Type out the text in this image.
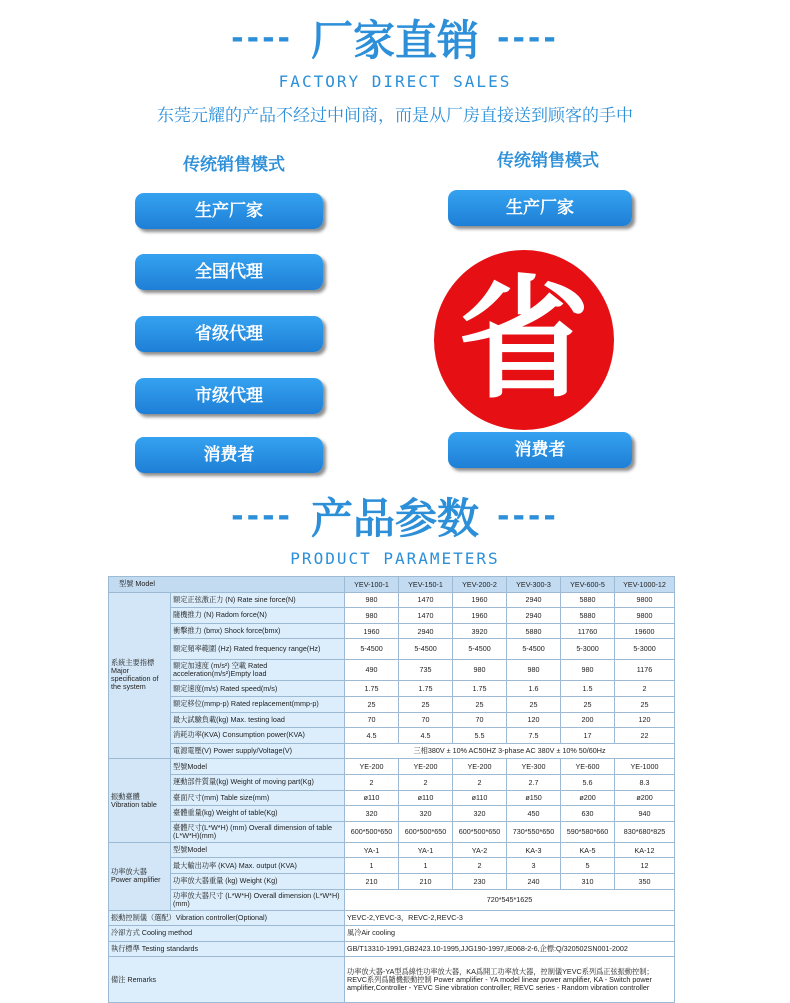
---- 厂家直销 ----
FACTORY DIRECT SALES
东莞元耀的产品不经过中间商，而是从厂房直接送到顾客的手中
传统销售模式	传统销售模式
生产厂家
全国代理
省级代理
市级代理
消费者
生产厂家
省
消费者
---- 产品参数 ----
PRODUCT PARAMETERS
型號 Model		YEV-100-1	YEV-150-1	YEV-200-2	YEV-300-3	YEV-600-5	YEV-1000-12
系統主要指標 Major specification of the system	額定正弦激正力 (N) Rate sine force(N)	980	1470	1960	2940	5880	9800
	隨機推力 (N) Radom force(N)	980	1470	1960	2940	5880	9800
	衝擊推力 (bmx) Shock force(bmx)	1960	2940	3920	5880	11760	19600
	額定頻率範圍 (Hz) Rated frequency range(Hz)	5-4500	5-4500	5-4500	5-4500	5-3000	5-3000
	額定加速度 (m/s²) 空載 Rated acceleration(m/s²)Empty load	490	735	980	980	980	1176
	額定速度(m/s) Rated speed(m/s)	1.75	1.75	1.75	1.6	1.5	2
	額定移位(mmp-p) Rated replacement(mmp-p)	25	25	25	25	25	25
	最大試驗負載(kg) Max. testing load	70	70	70	120	200	120
	消耗功率(KVA) Consumption power(KVA)	4.5	4.5	5.5	7.5	17	22
	電源電壓(V) Power supply/Voltage(V)	三相380V ± 10% AC50HZ 3-phase AC 380V ± 10% 50/60Hz					
振動臺體 Vibration table	型號Model	YE-200	YE-200	YE-200	YE-300	YE-600	YE-1000
	運動部件質量(kg) Weight of moving part(Kg)	2	2	2	2.7	5.6	8.3
	臺面尺寸(mm) Table size(mm)	ø110	ø110	ø110	ø150	ø200	ø200
	臺體重量(kg) Weight of table(Kg)	320	320	320	450	630	940
	臺體尺寸(L*W*H) (mm) Overall dimension of table (L*W*H)(mm)	600*500*650	600*500*650	600*500*650	730*550*650	590*580*660	830*680*825
功率放大器 Power amplifier	型號Model	YA-1	YA-1	YA-2	KA-3	KA-5	KA-12
	最大輸出功率 (KVA) Max. output (KVA)	1	1	2	3	5	12
	功率放大器重量 (kg) Weight (Kg)	210	210	230	240	310	350
	功率放大器尺寸 (L*W*H) Overall dimension (L*W*H) (mm)	720*545*1625					
振動控制儀（選配）Vibration controller(Optional)		YEVC-2,YEVC-3，REVC-2,REVC-3					
冷卻方式 Cooling method		風冷Air cooling					
執行標準 Testing standards		GB/T13310-1991,GB2423.10-1995,JJG190-1997,IE068-2-6,企標:Q/320502SN001-2002					
備注 Remarks		功率放大器-YA型爲線性功率放大器，KA爲開工功率放大器，控制儀YEVC系列爲正弦振動控制；REVC系列爲隨機振動控制 Power amplifier - YA model linear power amplifier, KA - Switch power amplifier,Controller - YEVC Sine vibration controller; REVC series - Random vibration controller					
